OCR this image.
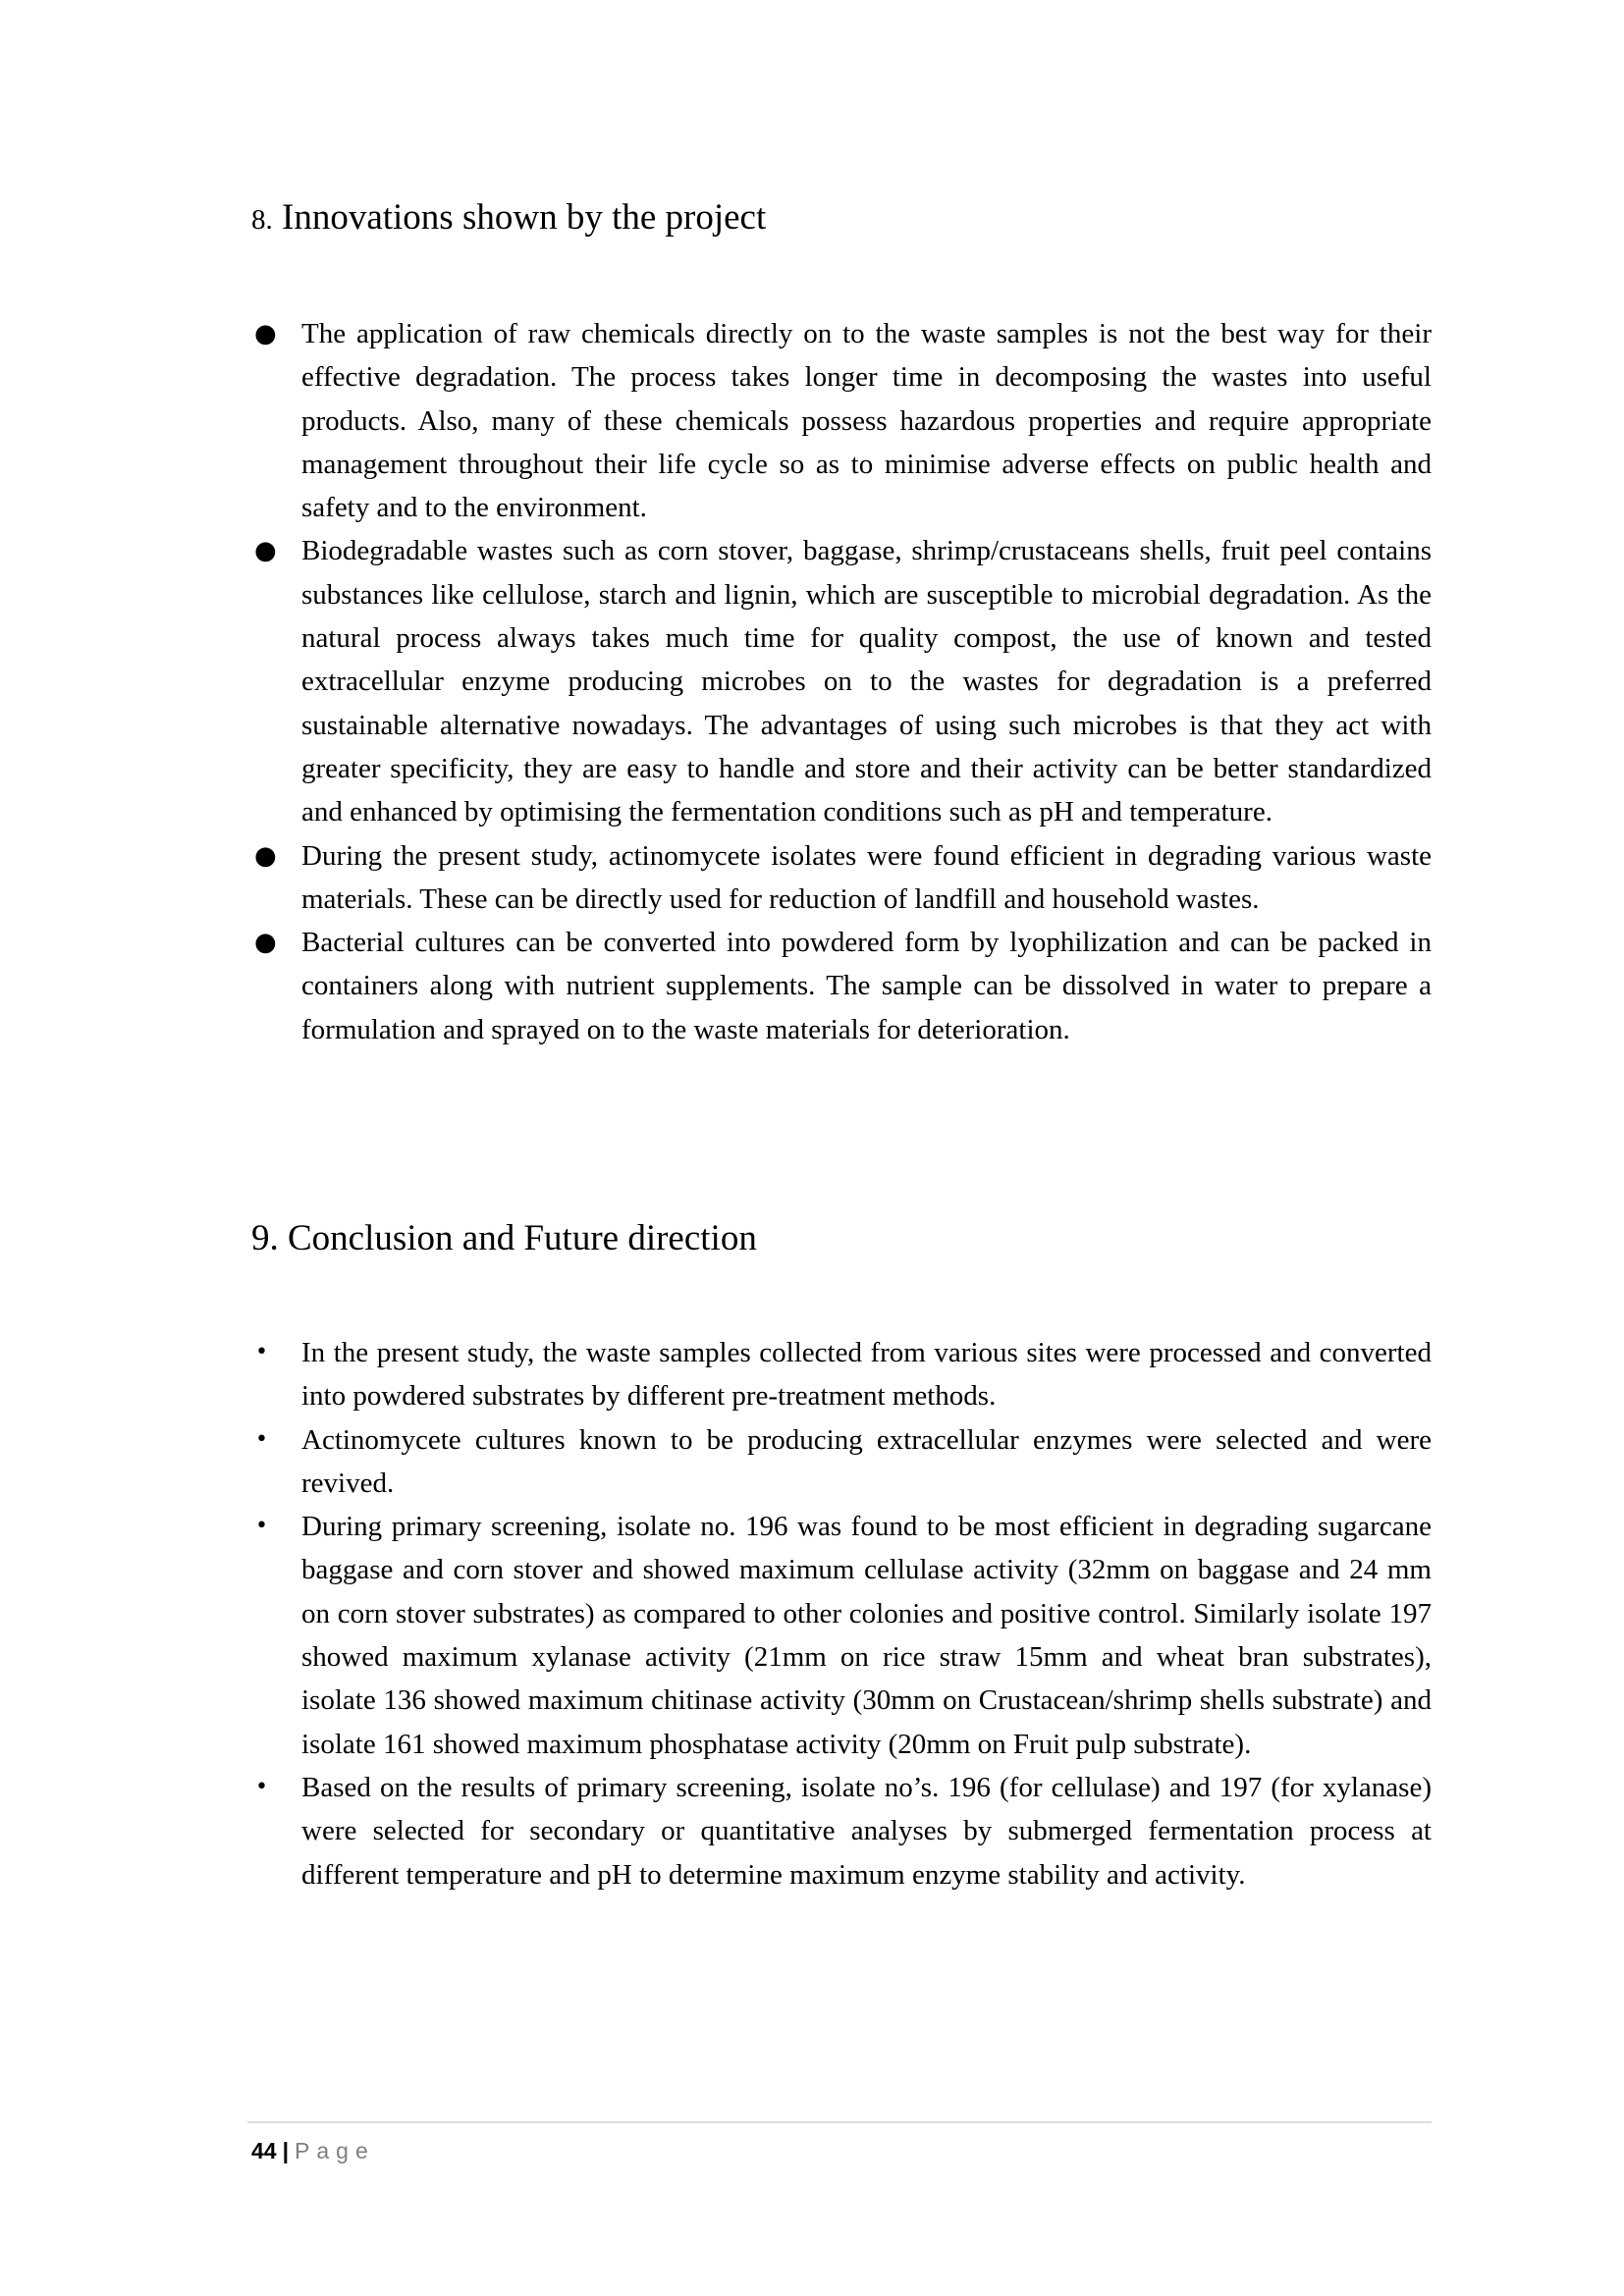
8. Innovations shown by the project
● The application of raw chemicals directly on to the waste samples is not the best way for their effective degradation. The process takes longer time in decomposing the wastes into useful products. Also, many of these chemicals possess hazardous properties and require appropriate management throughout their life cycle so as to minimise adverse effects on public health and safety and to the environment.
● Biodegradable wastes such as corn stover, baggase, shrimp/crustaceans shells, fruit peel contains substances like cellulose, starch and lignin, which are susceptible to microbial degradation. As the natural process always takes much time for quality compost, the use of known and tested extracellular enzyme producing microbes on to the wastes for degradation is a preferred sustainable alternative nowadays. The advantages of using such microbes is that they act with greater specificity, they are easy to handle and store and their activity can be better standardized and enhanced by optimising the fermentation conditions such as pH and temperature.
● During the present study, actinomycete isolates were found efficient in degrading various waste materials. These can be directly used for reduction of landfill and household wastes.
● Bacterial cultures can be converted into powdered form by lyophilization and can be packed in containers along with nutrient supplements. The sample can be dissolved in water to prepare a formulation and sprayed on to the waste materials for deterioration.
9. Conclusion and Future direction
•	In the present study, the waste samples collected from various sites were processed and converted into powdered substrates by different pre-treatment methods.
•	Actinomycete cultures known to be producing extracellular enzymes were selected and were revived.
•	During primary screening, isolate no. 196 was found to be most efficient in degrading sugarcane baggase and corn stover and showed maximum cellulase activity (32mm on baggase and 24 mm on corn stover substrates) as compared to other colonies and positive control. Similarly isolate 197 showed maximum xylanase activity (21mm on rice straw 15mm and wheat bran substrates), isolate 136 showed maximum chitinase activity (30mm on Crustacean/shrimp shells substrate) and isolate 161 showed maximum phosphatase activity (20mm on Fruit pulp substrate).
•	Based on the results of primary screening, isolate no’s. 196 (for cellulase) and 197 (for xylanase) were selected for secondary or quantitative analyses by submerged fermentation process at different temperature and pH to determine maximum enzyme stability and activity.
44 | Page
